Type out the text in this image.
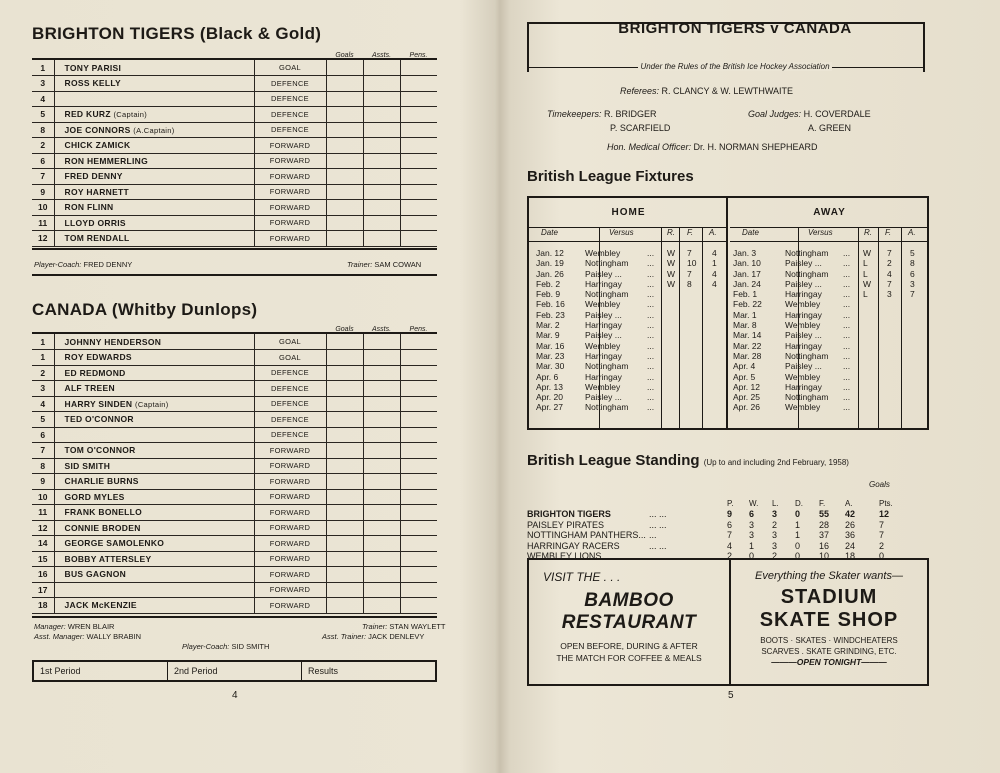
BRIGHTON TIGERS (Black & Gold)
Goals	Assts.	Pens.
1	TONY PARISI	GOAL			
3	ROSS KELLY	DEFENCE			
4		DEFENCE			
5	RED KURZ (Captain)	DEFENCE			
8	JOE CONNORS (A.Captain)	DEFENCE			
2	CHICK ZAMICK	FORWARD			
6	RON HEMMERLING	FORWARD			
7	FRED DENNY	FORWARD			
9	ROY HARNETT	FORWARD			
10	RON FLINN	FORWARD			
11	LLOYD ORRIS	FORWARD			
12	TOM RENDALL	FORWARD			
Player-Coach: FRED DENNY	Trainer: SAM COWAN
CANADA (Whitby Dunlops)
Goals	Assts.	Pens.
1	JOHNNY HENDERSON	GOAL			
1	ROY EDWARDS	GOAL			
2	ED REDMOND	DEFENCE			
3	ALF TREEN	DEFENCE			
4	HARRY SINDEN (Captain)	DEFENCE			
5	TED O'CONNOR	DEFENCE			
6		DEFENCE			
7	TOM O'CONNOR	FORWARD			
8	SID SMITH	FORWARD			
9	CHARLIE BURNS	FORWARD			
10	GORD MYLES	FORWARD			
11	FRANK BONELLO	FORWARD			
12	CONNIE BRODEN	FORWARD			
14	GEORGE SAMOLENKO	FORWARD			
15	BOBBY ATTERSLEY	FORWARD			
16	BUS GAGNON	FORWARD			
17		FORWARD			
18	JACK McKENZIE	FORWARD			
Manager: WREN BLAIR
Asst. Manager: WALLY BRABIN
Trainer: STAN WAYLETT
Asst. Trainer: JACK DENLEVY
Player-Coach: SID SMITH
1st Period	2nd Period	Results
4
BRIGHTON TIGERS v CANADA
Under the Rules of the British Ice Hockey Association
Referees: R. CLANCY & W. LEWTHWAITE
Timekeepers: R. BRIDGER
P. SCARFIELD
Goal Judges: H. COVERDALE
A. GREEN
Hon. Medical Officer: Dr. H. NORMAN SHEPHEARD
British League Fixtures
HOME
Date	Versus	R. F. A.
Jan. 12 Wembley	... W 7 4
Jan. 19 Nottingham ... W 10 1
Jan. 26 Paisley ...	... W 7 4
Feb. 2	Harringay	... W 8 4
Feb. 9	Nottingham ...
Feb. 16 Wembley	...
Feb. 23 Paisley ...	...
Mar. 2	Harringay	...
Mar. 9	Paisley ...	...
Mar. 16 Wembley	...
Mar. 23 Harringay	...
Mar. 30 Nottingham ...
Apr. 6	Harringay	...
Apr. 13	Wembley	...
Apr. 20	Paisley ...	...
Apr. 27	Nottingham ...
AWAY
Date	Versus	R. F. A.
Jan. 3	Nottingham ... W 7 5
Jan. 10	Paisley ... ... L 2 8
Jan. 17	Nottingham ... L 4 6
Jan. 24	Paisley ... ... W 7 3
Feb. 1	Harringay ... L 3 7
Feb. 22	Wembley	...
Mar. 1	Harringay ...
Mar. 8	Wembley	...
Mar. 14	Paisley ... ...
Mar. 22	Harringay ...
Mar. 28	Nottingham ...
Apr. 4	Paisley ... ...
Apr. 5	Wembley	...
Apr. 12	Harringay ...
Apr. 25	Nottingham ...
Apr. 26	Wembley	...
British League Standing (Up to and including 2nd February, 1958)
Goals
P. W. L. D. F. A.	Pts.
BRIGHTON TIGERS	... ...	9 6 3 0 55 42	12
PAISLEY PIRATES	... ...	6 3 2 1 28 26	7
NOTTINGHAM PANTHERS... ...	7 3 3 1 37 36	7
HARRINGAY RACERS	... ...	4 1 3 0 16 24	2
WEMBLEY LIONS	... ... ...	2 0 2 0 10 18	0
VISIT THE . . .
BAMBOO
RESTAURANT
OPEN BEFORE, DURING & AFTER
THE MATCH FOR COFFEE & MEALS
Everything the Skater wants—
STADIUM
SKATE SHOP
BOOTS · SKATES · WINDCHEATERS
SCARVES . SKATE GRINDING, ETC.
———OPEN TONIGHT———
5
